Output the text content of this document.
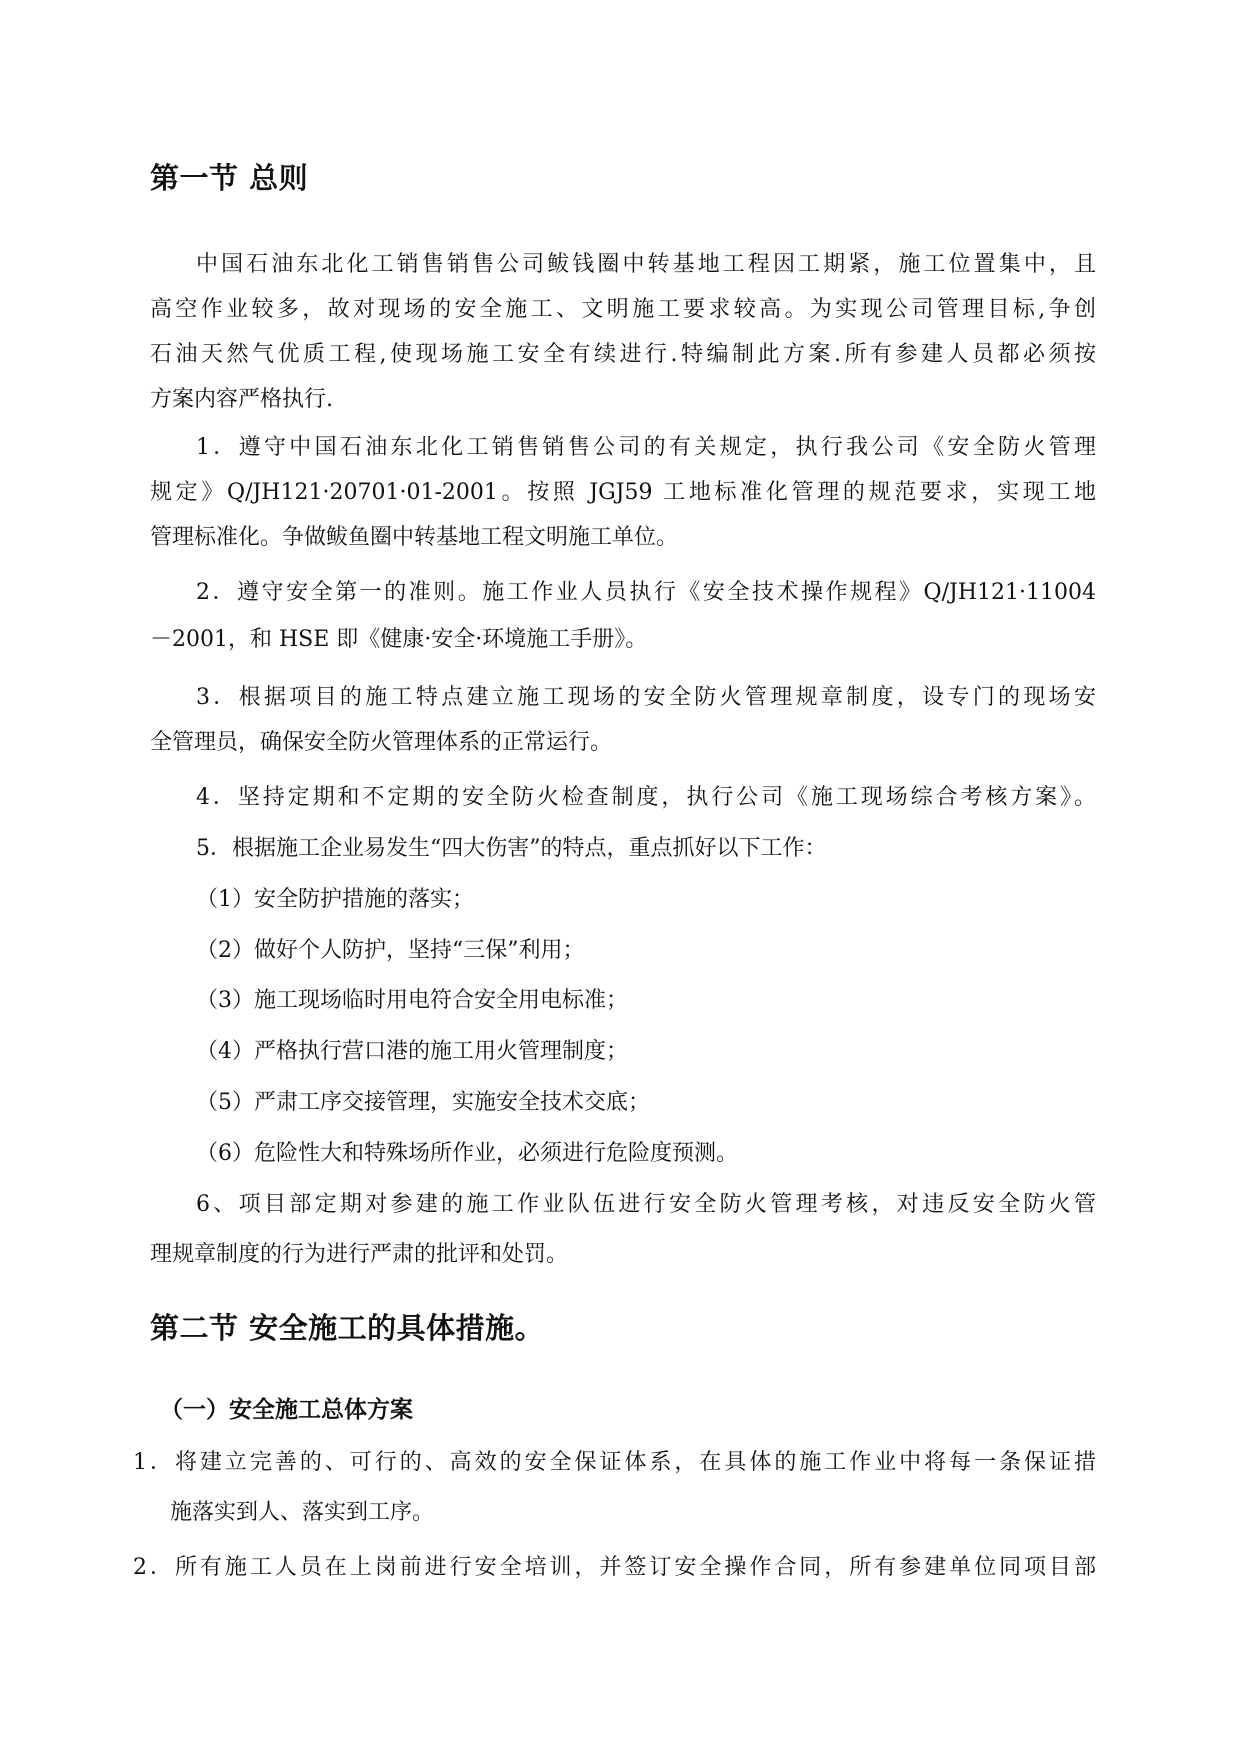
第一节 总则
中国石油东北化工销售销售公司鲅钱圈中转基地工程因工期紧，施工位置集中，且
高空作业较多，故对现场的安全施工、文明施工要求较高。为实现公司管理目标,争创
石油天然气优质工程,使现场施工安全有续进行.特编制此方案.所有参建人员都必须按
方案内容严格执行.
1．遵守中国石油东北化工销售销售公司的有关规定，执行我公司《安全防火管理
规定》Q/JH121·20701·01-2001。按照 JGJ59 工地标准化管理的规范要求，实现工地
管理标准化。争做鲅鱼圈中转基地工程文明施工单位。
2．遵守安全第一的准则。施工作业人员执行《安全技术操作规程》Q/JH121·11004
－2001，和 HSE 即《健康·安全·环境施工手册》。
3．根据项目的施工特点建立施工现场的安全防火管理规章制度，设专门的现场安
全管理员，确保安全防火管理体系的正常运行。
4．坚持定期和不定期的安全防火检查制度，执行公司《施工现场综合考核方案》。
5．根据施工企业易发生“四大伤害”的特点，重点抓好以下工作：
（1）安全防护措施的落实；
（2）做好个人防护，坚持“三保”利用；
（3）施工现场临时用电符合安全用电标准；
（4）严格执行营口港的施工用火管理制度；
（5）严肃工序交接管理，实施安全技术交底；
（6）危险性大和特殊场所作业，必须进行危险度预测。
6、项目部定期对参建的施工作业队伍进行安全防火管理考核，对违反安全防火管
理规章制度的行为进行严肃的批评和处罚。
第二节 安全施工的具体措施。
（一）安全施工总体方案
1．将建立完善的、可行的、高效的安全保证体系，在具体的施工作业中将每一条保证措
施落实到人、落实到工序。
2．所有施工人员在上岗前进行安全培训，并签订安全操作合同，所有参建单位同项目部
